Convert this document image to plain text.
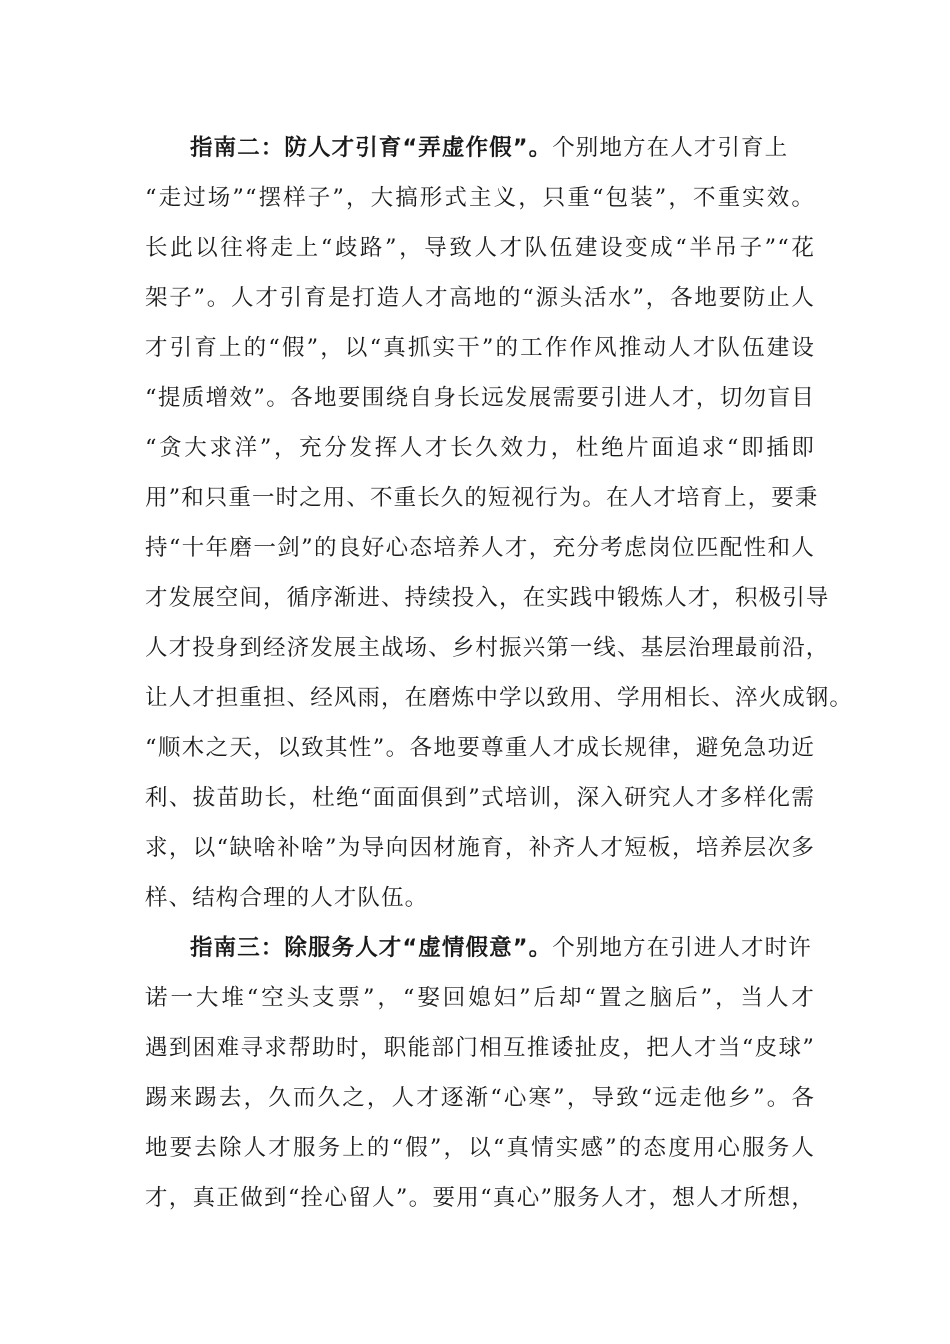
指南二：防人才引育“弄虚作假”。个别地方在人才引育上
“走过场”“摆样子”，大搞形式主义，只重“包装”，不重实效。
长此以往将走上“歧路”，导致人才队伍建设变成“半吊子”“花
架子”。人才引育是打造人才高地的“源头活水”，各地要防止人
才引育上的“假”，以“真抓实干”的工作作风推动人才队伍建设
“提质增效”。各地要围绕自身长远发展需要引进人才，切勿盲目
“贪大求洋”，充分发挥人才长久效力，杜绝片面追求“即插即
用”和只重一时之用、不重长久的短视行为。在人才培育上，要秉
持“十年磨一剑”的良好心态培养人才，充分考虑岗位匹配性和人
才发展空间，循序渐进、持续投入，在实践中锻炼人才，积极引导
人才投身到经济发展主战场、乡村振兴第一线、基层治理最前沿，
让人才担重担、经风雨，在磨炼中学以致用、学用相长、淬火成钢。
“顺木之天，以致其性”。各地要尊重人才成长规律，避免急功近
利、拔苗助长，杜绝“面面俱到”式培训，深入研究人才多样化需
求，以“缺啥补啥”为导向因材施育，补齐人才短板，培养层次多
样、结构合理的人才队伍。
指南三：除服务人才“虚情假意”。个别地方在引进人才时许
诺一大堆“空头支票”，“娶回媳妇”后却“置之脑后”，当人才
遇到困难寻求帮助时，职能部门相互推诿扯皮，把人才当“皮球”
踢来踢去，久而久之，人才逐渐“心寒”，导致“远走他乡”。各
地要去除人才服务上的“假”，以“真情实感”的态度用心服务人
才，真正做到“拴心留人”。要用“真心”服务人才，想人才所想，
